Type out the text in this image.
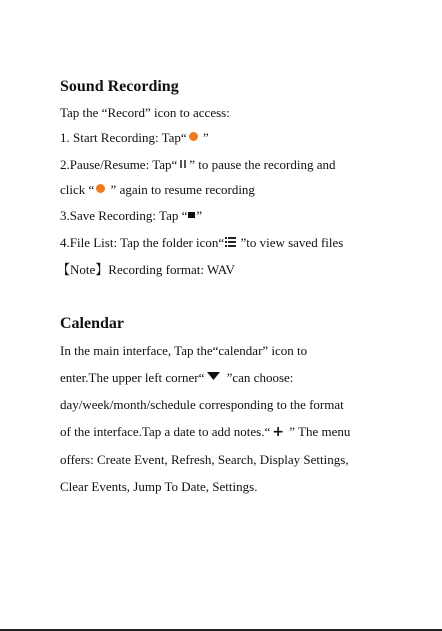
Sound Recording
Tap the “Record” icon to access:
1. Start Recording: Tap“ ”
2.Pause/Resume: Tap“ ” to pause the recording and
click “ ” again to resume recording
3.Save Recording: Tap “ ”
4.File List: Tap the folder icon“
”to view saved files
【Note】Recording format: WAV
Calendar
In the main interface, Tap the“calendar” icon to
enter.The upper left corner“
”can choose:
day/week/month/schedule corresponding to the format
of the interface.Tap a date to add notes.“ + ” The menu
offers: Create Event, Refresh, Search, Display Settings,
Clear Events, Jump To Date, Settings.
